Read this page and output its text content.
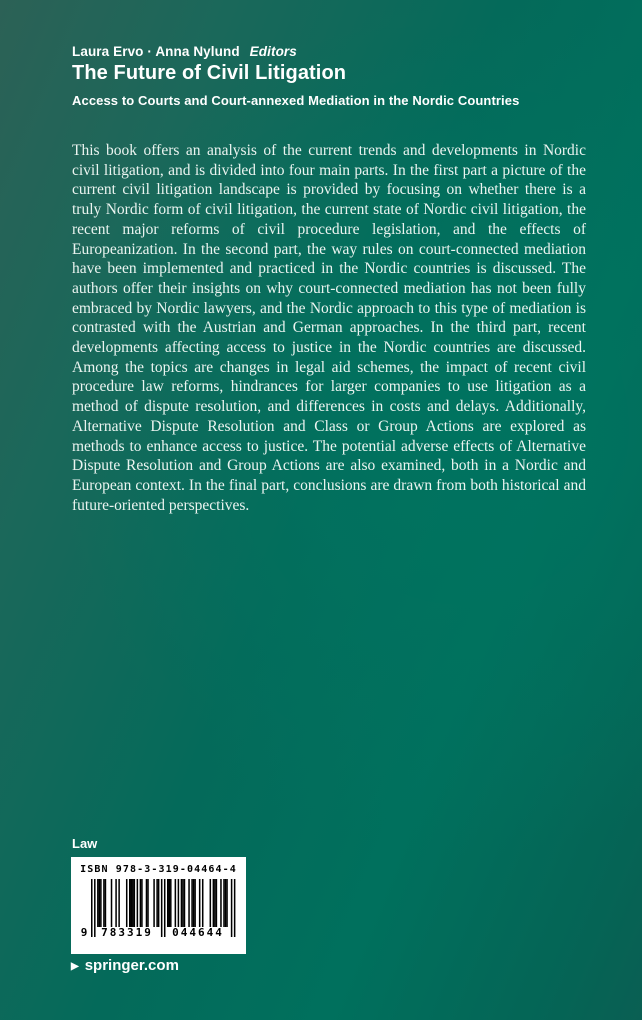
Laura Ervo · Anna Nylund Editors
The Future of Civil Litigation
Access to Courts and Court-annexed Mediation in the Nordic Countries

This book offers an analysis of the current trends and developments in Nordic civil litigation, and is divided into four main parts. In the first part a picture of the current civil litigation landscape is provided by focusing on whether there is a truly Nordic form of civil litigation, the current state of Nordic civil litigation, the recent major reforms of civil procedure legislation, and the effects of Europeanization. In the second part, the way rules on court-connected mediation have been implemented and practiced in the Nordic countries is discussed. The authors offer their insights on why court-connected mediation has not been fully embraced by Nordic lawyers, and the Nordic approach to this type of mediation is contrasted with the Austrian and German approaches. In the third part, recent developments affecting access to justice in the Nordic countries are discussed. Among the topics are changes in legal aid schemes, the impact of recent civil procedure law reforms, hindrances for larger companies to use litigation as a method of dispute resolution, and differences in costs and delays. Additionally, Alternative Dispute Resolution and Class or Group Actions are explored as methods to enhance access to justice. The potential adverse effects of Alternative Dispute Resolution and Group Actions are also examined, both in a Nordic and European context. In the final part, conclusions are drawn from both historical and future-oriented perspectives.

Law
ISBN 978-3-319-04464-4
9	783319	044644
▶ springer.com
